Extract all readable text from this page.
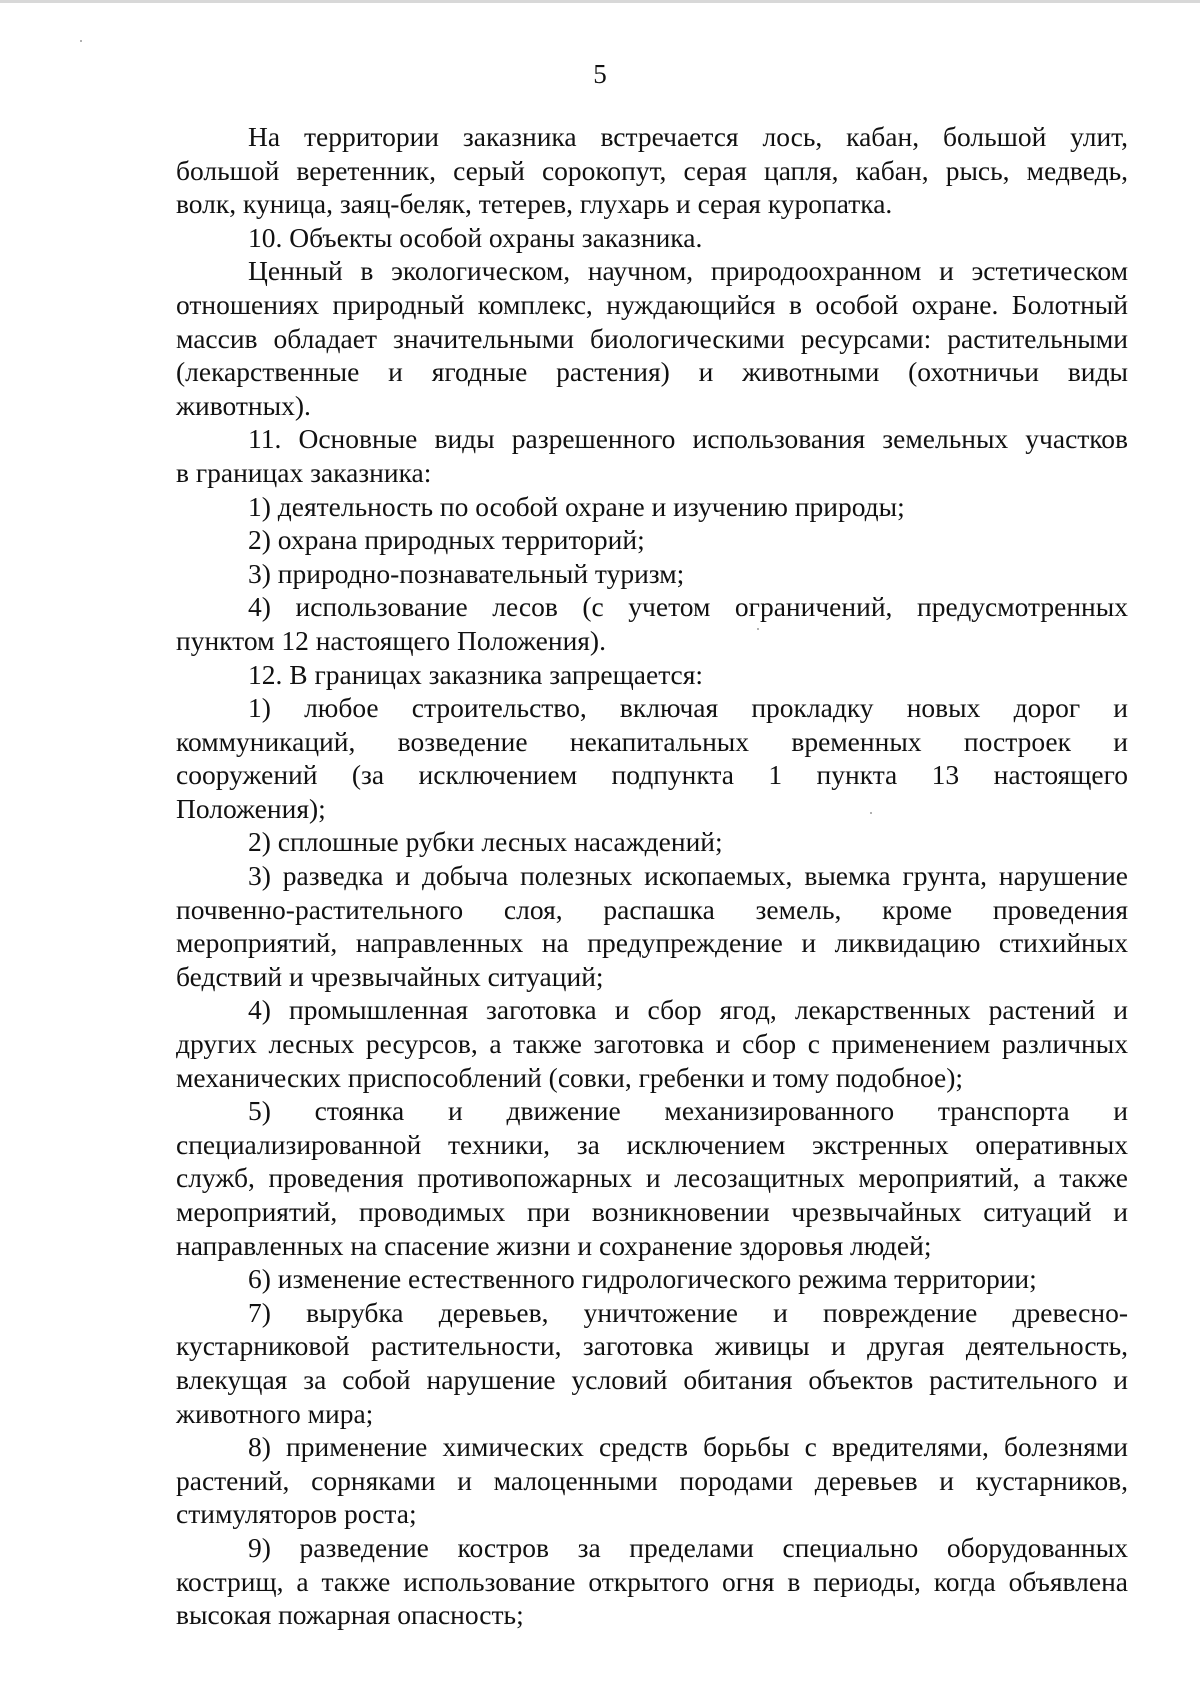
5
На территории заказника встречается лось, кабан, большой улит,
большой веретенник, серый сорокопут, серая цапля, кабан, рысь, медведь,
волк, куница, заяц-беляк, тетерев, глухарь и серая куропатка.
10. Объекты особой охраны заказника.
Ценный в экологическом, научном, природоохранном и эстетическом
отношениях природный комплекс, нуждающийся в особой охране. Болотный
массив обладает значительными биологическими ресурсами: растительными
(лекарственные и ягодные растения) и животными (охотничьи виды
животных).
11. Основные виды разрешенного использования земельных участков
в границах заказника:
1) деятельность по особой охране и изучению природы;
2) охрана природных территорий;
3) природно-познавательный туризм;
4) использование лесов (с учетом ограничений, предусмотренных
пунктом 12 настоящего Положения).
12. В границах заказника запрещается:
1) любое строительство, включая прокладку новых дорог и
коммуникаций, возведение некапитальных временных построек и
сооружений (за исключением подпункта 1 пункта 13 настоящего
Положения);
2) сплошные рубки лесных насаждений;
3) разведка и добыча полезных ископаемых, выемка грунта, нарушение
почвенно-растительного слоя, распашка земель, кроме проведения
мероприятий, направленных на предупреждение и ликвидацию стихийных
бедствий и чрезвычайных ситуаций;
4) промышленная заготовка и сбор ягод, лекарственных растений и
других лесных ресурсов, а также заготовка и сбор с применением различных
механических приспособлений (совки, гребенки и тому подобное);
5) стоянка и движение механизированного транспорта и
специализированной техники, за исключением экстренных оперативных
служб, проведения противопожарных и лесозащитных мероприятий, а также
мероприятий, проводимых при возникновении чрезвычайных ситуаций и
направленных на спасение жизни и сохранение здоровья людей;
6) изменение естественного гидрологического режима территории;
7) вырубка деревьев, уничтожение и повреждение древесно-
кустарниковой растительности, заготовка живицы и другая деятельность,
влекущая за собой нарушение условий обитания объектов растительного и
животного мира;
8) применение химических средств борьбы с вредителями, болезнями
растений, сорняками и малоценными породами деревьев и кустарников,
стимуляторов роста;
9) разведение костров за пределами специально оборудованных
кострищ, а также использование открытого огня в периоды, когда объявлена
высокая пожарная опасность;
